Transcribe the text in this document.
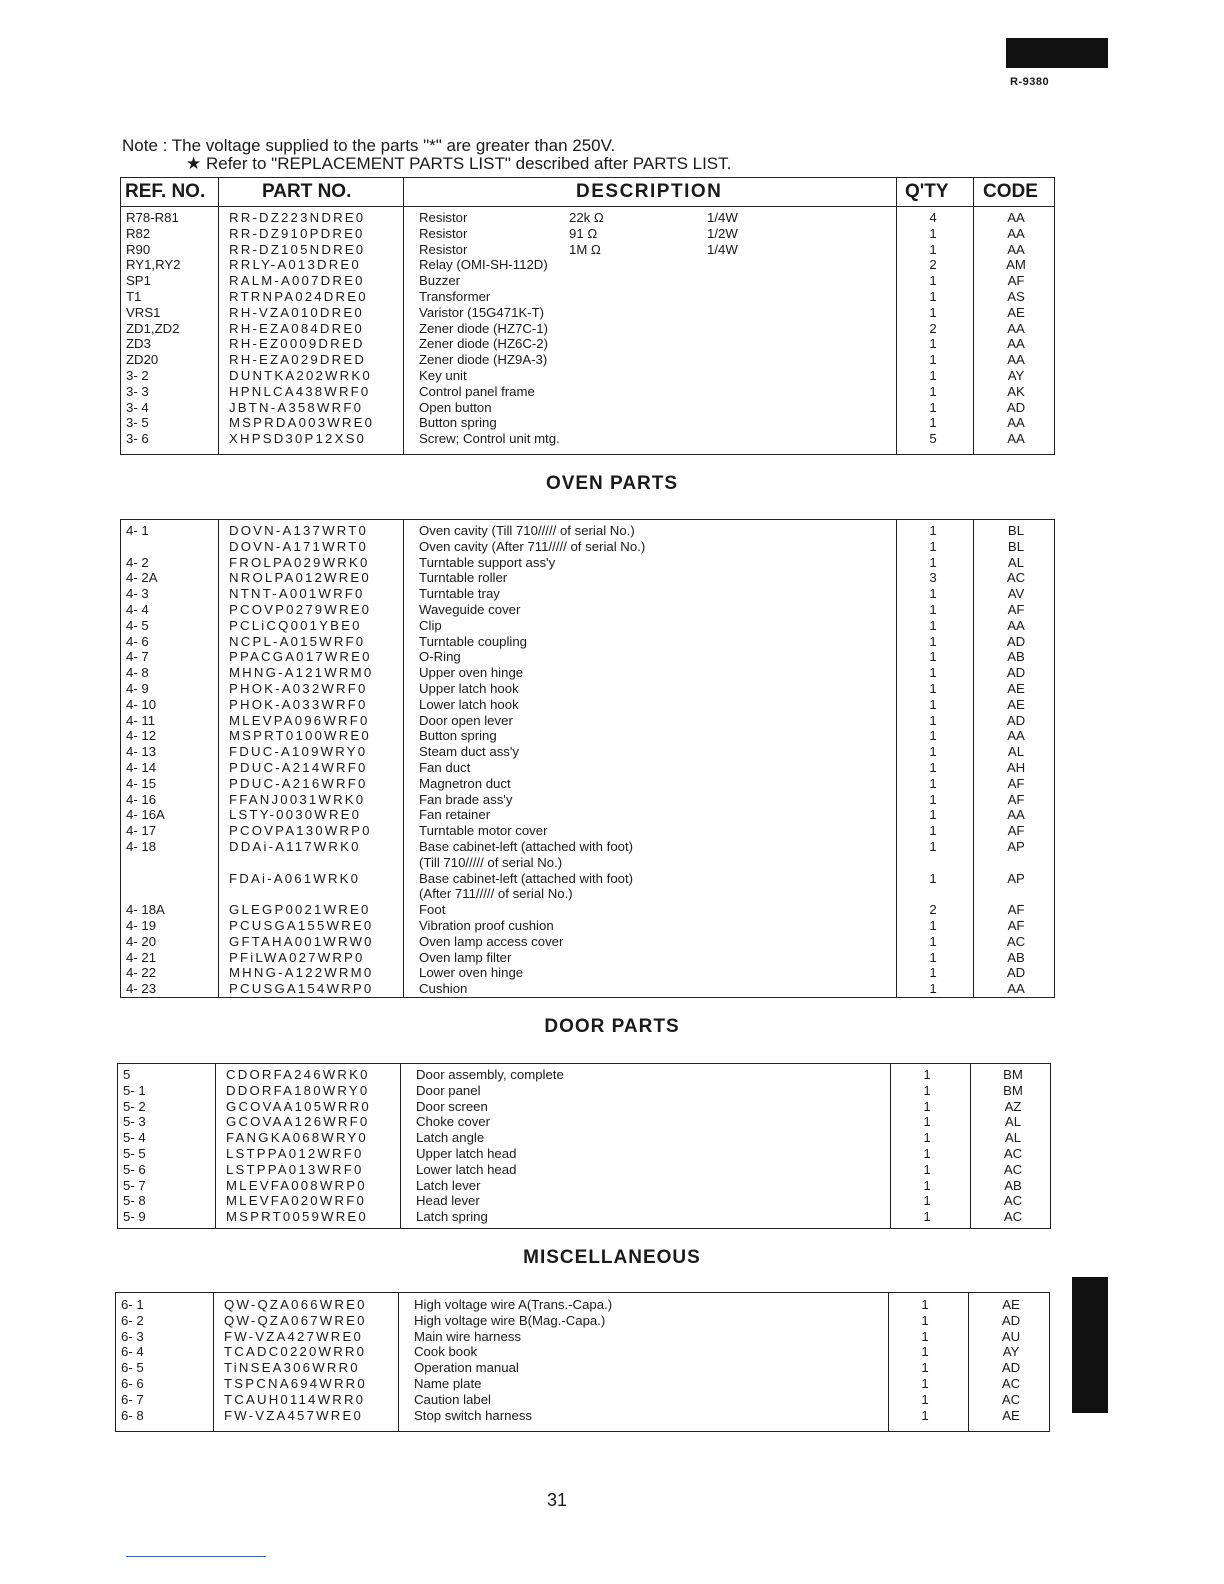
R-9380
Note : The voltage supplied to the parts "*" are greater than 250V.
★ Refer to "REPLACEMENT PARTS LIST" described after PARTS LIST.
REF. NO.	PART NO.	DESCRIPTION	Q'TY CODE
R78-R81	RR-DZ223NDRE0	Resistor	22k Ω	1/4W	4	AA
R82	RR-DZ910PDRE0	Resistor	91 Ω	1/2W	1	AA
R90	RR-DZ105NDRE0	Resistor	1M Ω	1/4W	1	AA
RY1,RY2	RRLY-A013DRE0	Relay (OMI-SH-112D)	2	AM
SP1	RALM-A007DRE0	Buzzer	1	AF
T1	RTRNPA024DRE0	Transformer	1	AS
VRS1	RH-VZA010DRE0	Varistor (15G471K-T)	1	AE
ZD1,ZD2	RH-EZA084DRE0	Zener diode (HZ7C-1)	2	AA
ZD3	RH-EZ0009DRED	Zener diode (HZ6C-2)	1	AA
ZD20	RH-EZA029DRED	Zener diode (HZ9A-3)	1	AA
3- 2	DUNTKA202WRK0	Key unit	1	AY
3- 3	HPNLCA438WRF0	Control panel frame	1	AK
3- 4	JBTN-A358WRF0	Open button	1	AD
3- 5	MSPRDA003WRE0	Button spring	1	AA
3- 6	XHPSD30P12XS0	Screw; Control unit mtg.	5	AA
OVEN PARTS
4- 1	DOVN-A137WRT0	Oven cavity (Till 710///// of serial No.)	1	BL
DOVN-A171WRT0	Oven cavity (After 711///// of serial No.)	1	BL
4- 2	FROLPA029WRK0	Turntable support ass'y	1	AL
4- 2A	NROLPA012WRE0	Turntable roller	3	AC
4- 3	NTNT-A001WRF0	Turntable tray	1	AV
4- 4	PCOVP0279WRE0	Waveguide cover	1	AF
4- 5	PCLiCQ001YBE0	Clip	1	AA
4- 6	NCPL-A015WRF0	Turntable coupling	1	AD
4- 7	PPACGA017WRE0	O-Ring	1	AB
4- 8	MHNG-A121WRM0	Upper oven hinge	1	AD
4- 9	PHOK-A032WRF0	Upper latch hook	1	AE
4- 10	PHOK-A033WRF0	Lower latch hook	1	AE
4- 11	MLEVPA096WRF0	Door open lever	1	AD
4- 12	MSPRT0100WRE0	Button spring	1	AA
4- 13	FDUC-A109WRY0	Steam duct ass'y	1	AL
4- 14	PDUC-A214WRF0	Fan duct	1	AH
4- 15	PDUC-A216WRF0	Magnetron duct	1	AF
4- 16	FFANJ0031WRK0	Fan brade ass'y	1	AF
4- 16A	LSTY-0030WRE0	Fan retainer	1	AA
4- 17	PCOVPA130WRP0	Turntable motor cover	1	AF
4- 18	DDAi-A117WRK0	Base cabinet-left (attached with foot)	1	AP
(Till 710///// of serial No.)
FDAi-A061WRK0	Base cabinet-left (attached with foot)	1	AP
(After 711///// of serial No.)
4- 18A	GLEGP0021WRE0	Foot	2	AF
4- 19	PCUSGA155WRE0	Vibration proof cushion	1	AF
4- 20	GFTAHA001WRW0	Oven lamp access cover	1	AC
4- 21	PFiLWA027WRP0	Oven lamp filter	1	AB
4- 22	MHNG-A122WRM0	Lower oven hinge	1	AD
4- 23	PCUSGA154WRP0	Cushion	1	AA
DOOR PARTS
5	CDORFA246WRK0	Door assembly, complete	1	BM
5- 1	DDORFA180WRY0	Door panel	1	BM
5- 2	GCOVAA105WRR0	Door screen	1	AZ
5- 3	GCOVAA126WRF0	Choke cover	1	AL
5- 4	FANGKA068WRY0	Latch angle	1	AL
5- 5	LSTPPA012WRF0	Upper latch head	1	AC
5- 6	LSTPPA013WRF0	Lower latch head	1	AC
5- 7	MLEVFA008WRP0	Latch lever	1	AB
5- 8	MLEVFA020WRF0	Head lever	1	AC
5- 9	MSPRT0059WRE0	Latch spring	1	AC
MISCELLANEOUS
6- 1	QW-QZA066WRE0	High voltage wire A(Trans.-Capa.)	1	AE
6- 2	QW-QZA067WRE0	High voltage wire B(Mag.-Capa.)	1	AD
6- 3	FW-VZA427WRE0	Main wire harness	1	AU
6- 4	TCADC0220WRR0	Cook book	1	AY
6- 5	TiNSEA306WRR0	Operation manual	1	AD
6- 6	TSPCNA694WRR0	Name plate	1	AC
6- 7	TCAUH0114WRR0	Caution label	1	AC
6- 8	FW-VZA457WRE0	Stop switch harness	1	AE
31
